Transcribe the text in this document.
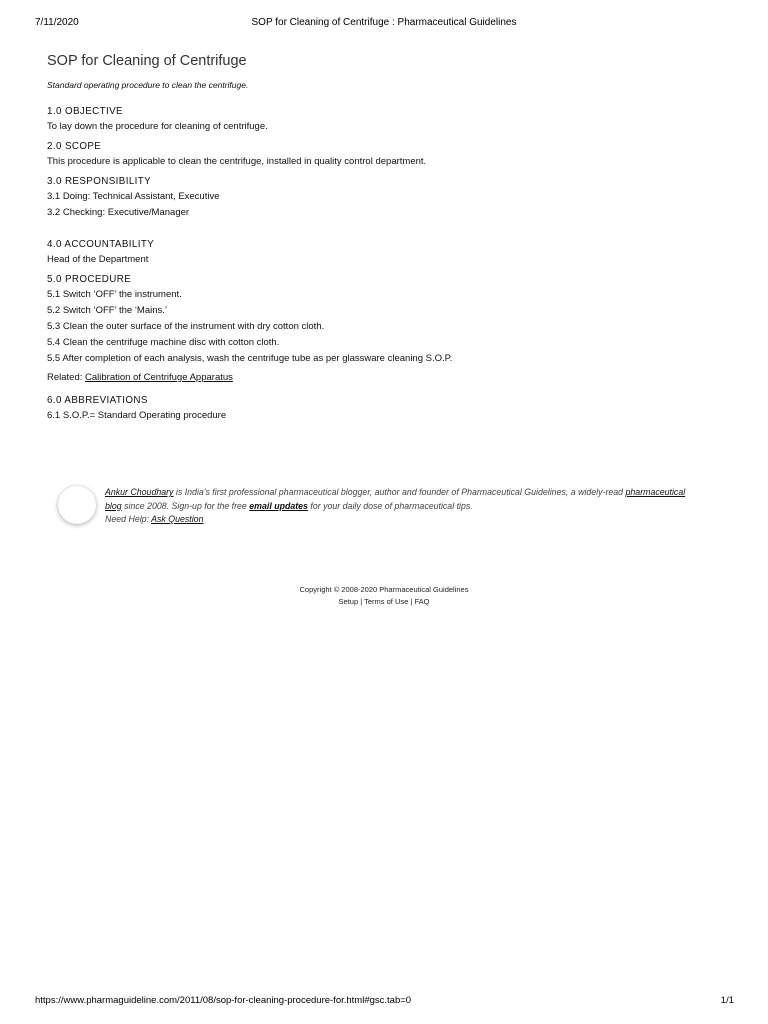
7/11/2020	SOP for Cleaning of Centrifuge : Pharmaceutical Guidelines
SOP for Cleaning of Centrifuge
Standard operating procedure to clean the centrifuge.
1.0 OBJECTIVE
To lay down the procedure for cleaning of centrifuge.
2.0 SCOPE
This procedure is applicable to clean the centrifuge, installed in quality control department.
3.0 RESPONSIBILITY
3.1 Doing: Technical Assistant, Executive
3.2 Checking: Executive/Manager
4.0 ACCOUNTABILITY
Head of the Department
5.0 PROCEDURE
5.1 Switch ‘OFF’ the instrument.
5.2 Switch ‘OFF’ the ‘Mains.’
5.3 Clean the outer surface of the instrument with dry cotton cloth.
5.4 Clean the centrifuge machine disc with cotton cloth.
5.5 After completion of each analysis, wash the centrifuge tube as per glassware cleaning S.O.P.
Related: Calibration of Centrifuge Apparatus
6.0 ABBREVIATIONS
6.1 S.O.P.= Standard Operating procedure
Ankur Choudhary is India's first professional pharmaceutical blogger, author and founder of Pharmaceutical Guidelines, a widely-read pharmaceutical blog since 2008. Sign-up for the free email updates for your daily dose of pharmaceutical tips.
Need Help: Ask Question
Copyright © 2008-2020 Pharmaceutical Guidelines
Setup | Terms of Use | FAQ
https://www.pharmaguideline.com/2011/08/sop-for-cleaning-procedure-for.html#gsc.tab=0	1/1
